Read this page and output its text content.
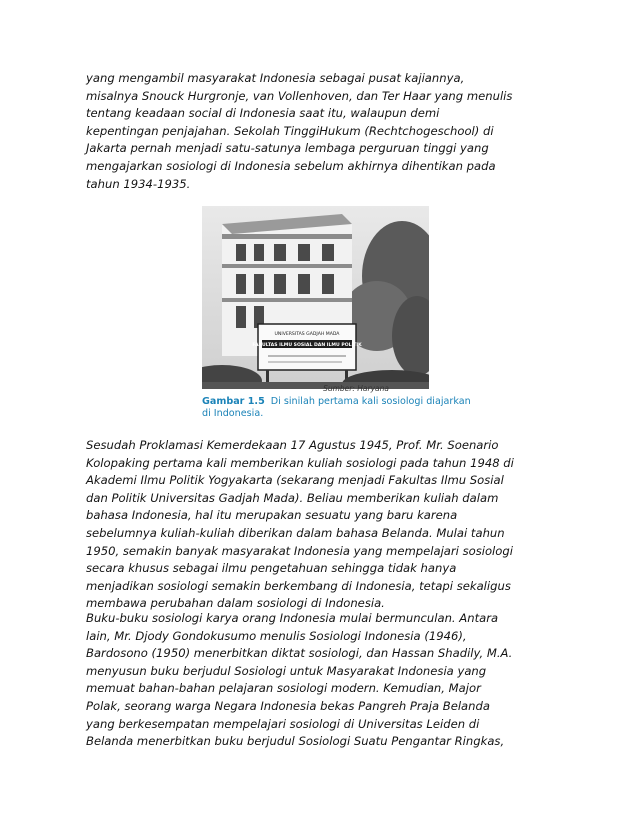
yang mengambil masyarakat Indonesia sebagai pusat kajiannya,
misalnya Snouck Hurgronje, van Vollenhoven, dan Ter Haar yang menulis
tentang keadaan social di Indonesia saat itu, walaupun demi
kepentingan penjajahan. Sekolah TinggiHukum (Rechtchogeschool) di
Jakarta pernah menjadi satu-satunya lembaga perguruan tinggi yang
mengajarkan sosiologi di Indonesia sebelum akhirnya dihentikan pada
tahun 1934-1935.

UNIVERSITAS GADJAH MADA
FAKULTAS ILMU SOSIAL DAN ILMU POLITIK
Sumber: Haryana
Gambar 1.5 Di sinilah pertama kali sosiologi diajarkan
di Indonesia.

Sesudah Proklamasi Kemerdekaan 17 Agustus 1945, Prof. Mr. Soenario
Kolopaking pertama kali memberikan kuliah sosiologi pada tahun 1948 di
Akademi Ilmu Politik Yogyakarta (sekarang menjadi Fakultas Ilmu Sosial
dan Politik Universitas Gadjah Mada). Beliau memberikan kuliah dalam
bahasa Indonesia, hal itu merupakan sesuatu yang baru karena
sebelumnya kuliah-kuliah diberikan dalam bahasa Belanda. Mulai tahun
1950, semakin banyak masyarakat Indonesia yang mempelajari sosiologi
secara khusus sebagai ilmu pengetahuan sehingga tidak hanya
menjadikan sosiologi semakin berkembang di Indonesia, tetapi sekaligus
membawa perubahan dalam sosiologi di Indonesia.

Buku-buku sosiologi karya orang Indonesia mulai bermunculan. Antara
lain, Mr. Djody Gondokusumo menulis Sosiologi Indonesia (1946),
Bardosono (1950) menerbitkan diktat sosiologi, dan Hassan Shadily, M.A.
menyusun buku berjudul Sosiologi untuk Masyarakat Indonesia yang
memuat bahan-bahan pelajaran sosiologi modern. Kemudian, Major
Polak, seorang warga Negara Indonesia bekas Pangreh Praja Belanda
yang berkesempatan mempelajari sosiologi di Universitas Leiden di
Belanda menerbitkan buku berjudul Sosiologi Suatu Pengantar Ringkas,
